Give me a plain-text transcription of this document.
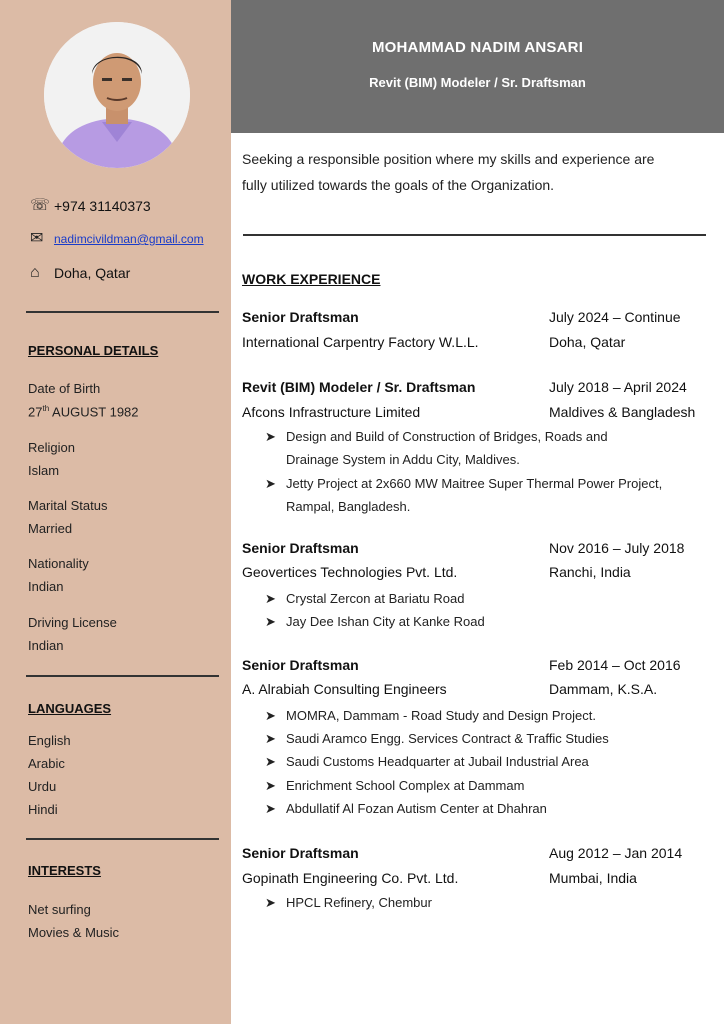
☏ +974 31140373
✉ nadimcivildman@gmail.com
⌂	Doha, Qatar
PERSONAL DETAILS
Date of Birth
27th AUGUST 1982
Religion
Islam
Marital Status
Married
Nationality
Indian
Driving License
Indian
LANGUAGES
English
Arabic
Urdu
Hindi
INTERESTS
Net surfing
Movies & Music
MOHAMMAD NADIM ANSARI
Revit (BIM) Modeler / Sr. Draftsman
Seeking a responsible position where my skills and experience are
fully utilized towards the goals of the Organization.
WORK EXPERIENCE
Senior Draftsman	July 2024 – Continue
International Carpentry Factory W.L.L.	Doha, Qatar
Revit (BIM) Modeler / Sr. Draftsman	July 2018 – April 2024
Afcons Infrastructure Limited	Maldives & Bangladesh
➤ Design and Build of Construction of Bridges, Roads and
Drainage System in Addu City, Maldives.
➤ Jetty Project at 2x660 MW Maitree Super Thermal Power Project,
Rampal, Bangladesh.
Senior Draftsman	Nov 2016 – July 2018
Geovertices Technologies Pvt. Ltd.	Ranchi, India
➤ Crystal Zercon at Bariatu Road
➤ Jay Dee Ishan City at Kanke Road
Senior Draftsman	Feb 2014 – Oct 2016
A. Alrabiah Consulting Engineers	Dammam, K.S.A.
➤ MOMRA, Dammam - Road Study and Design Project.
➤ Saudi Aramco Engg. Services Contract & Traffic Studies
➤ Saudi Customs Headquarter at Jubail Industrial Area
➤ Enrichment School Complex at Dammam
➤ Abdullatif Al Fozan Autism Center at Dhahran
Senior Draftsman	Aug 2012 – Jan 2014
Gopinath Engineering Co. Pvt. Ltd.	Mumbai, India
➤ HPCL Refinery, Chembur
